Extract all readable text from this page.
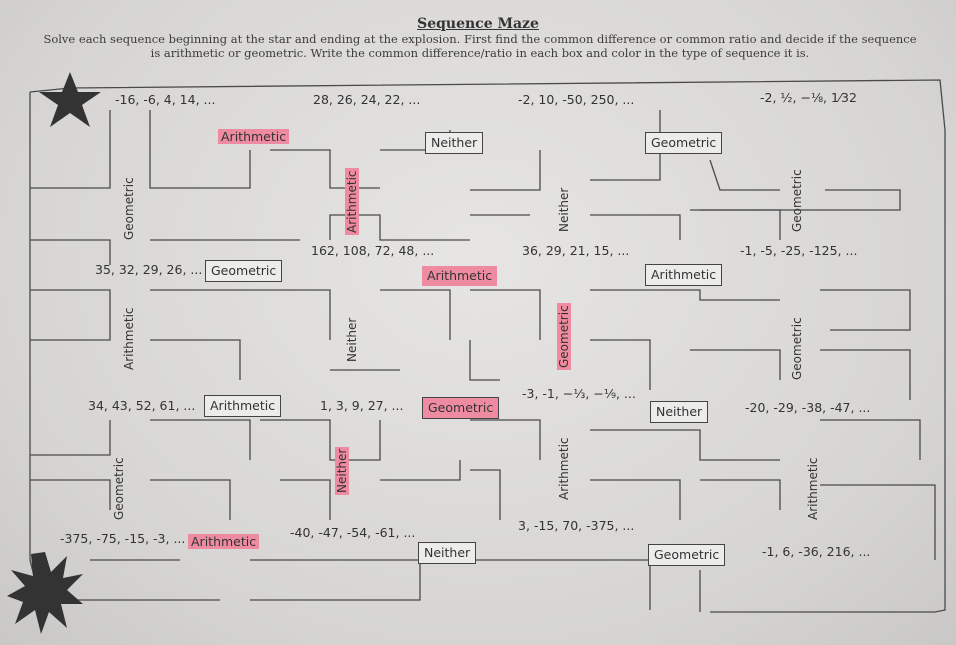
Sequence Maze
Solve each sequence beginning at the star and ending at the explosion. First find the common difference or common ratio and decide if the sequence is arithmetic or geometric. Write the common difference/ratio in each box and color in the type of sequence it is.
-16, -6, 4, 14, ...	28, 26, 24, 22, ...	-2, 10, -50, 250, ...	-2, ½, −⅛, 1⁄32
35, 32, 29, 26, ...
162, 108, 72, 48, ...	36, 29, 21, 15, ...	-1, -5, -25, -125, ...
34, 43, 52, 61, ...	1, 3, 9, 27, ...
-3, -1, −⅓, −⅑, ...
-20, -29, -38, -47, ...
-375, -75, -15, -3, ...	-40, -47, -54, -61, ...	3, -15, 70, -375, ...
-1, 6, -36, 216, ...
Arithmetic	Neither	Geometric
Geometric	Arithmetic	Arithmetic
Arithmetic	Geometric	Neither
Arithmetic
Neither	Geometric
Geometric	Arithmetic	Neither	Geometric
Arithmetic	Neither	Geometric	Geometric
Geometric	Neither	Arithmetic	Arithmetic
